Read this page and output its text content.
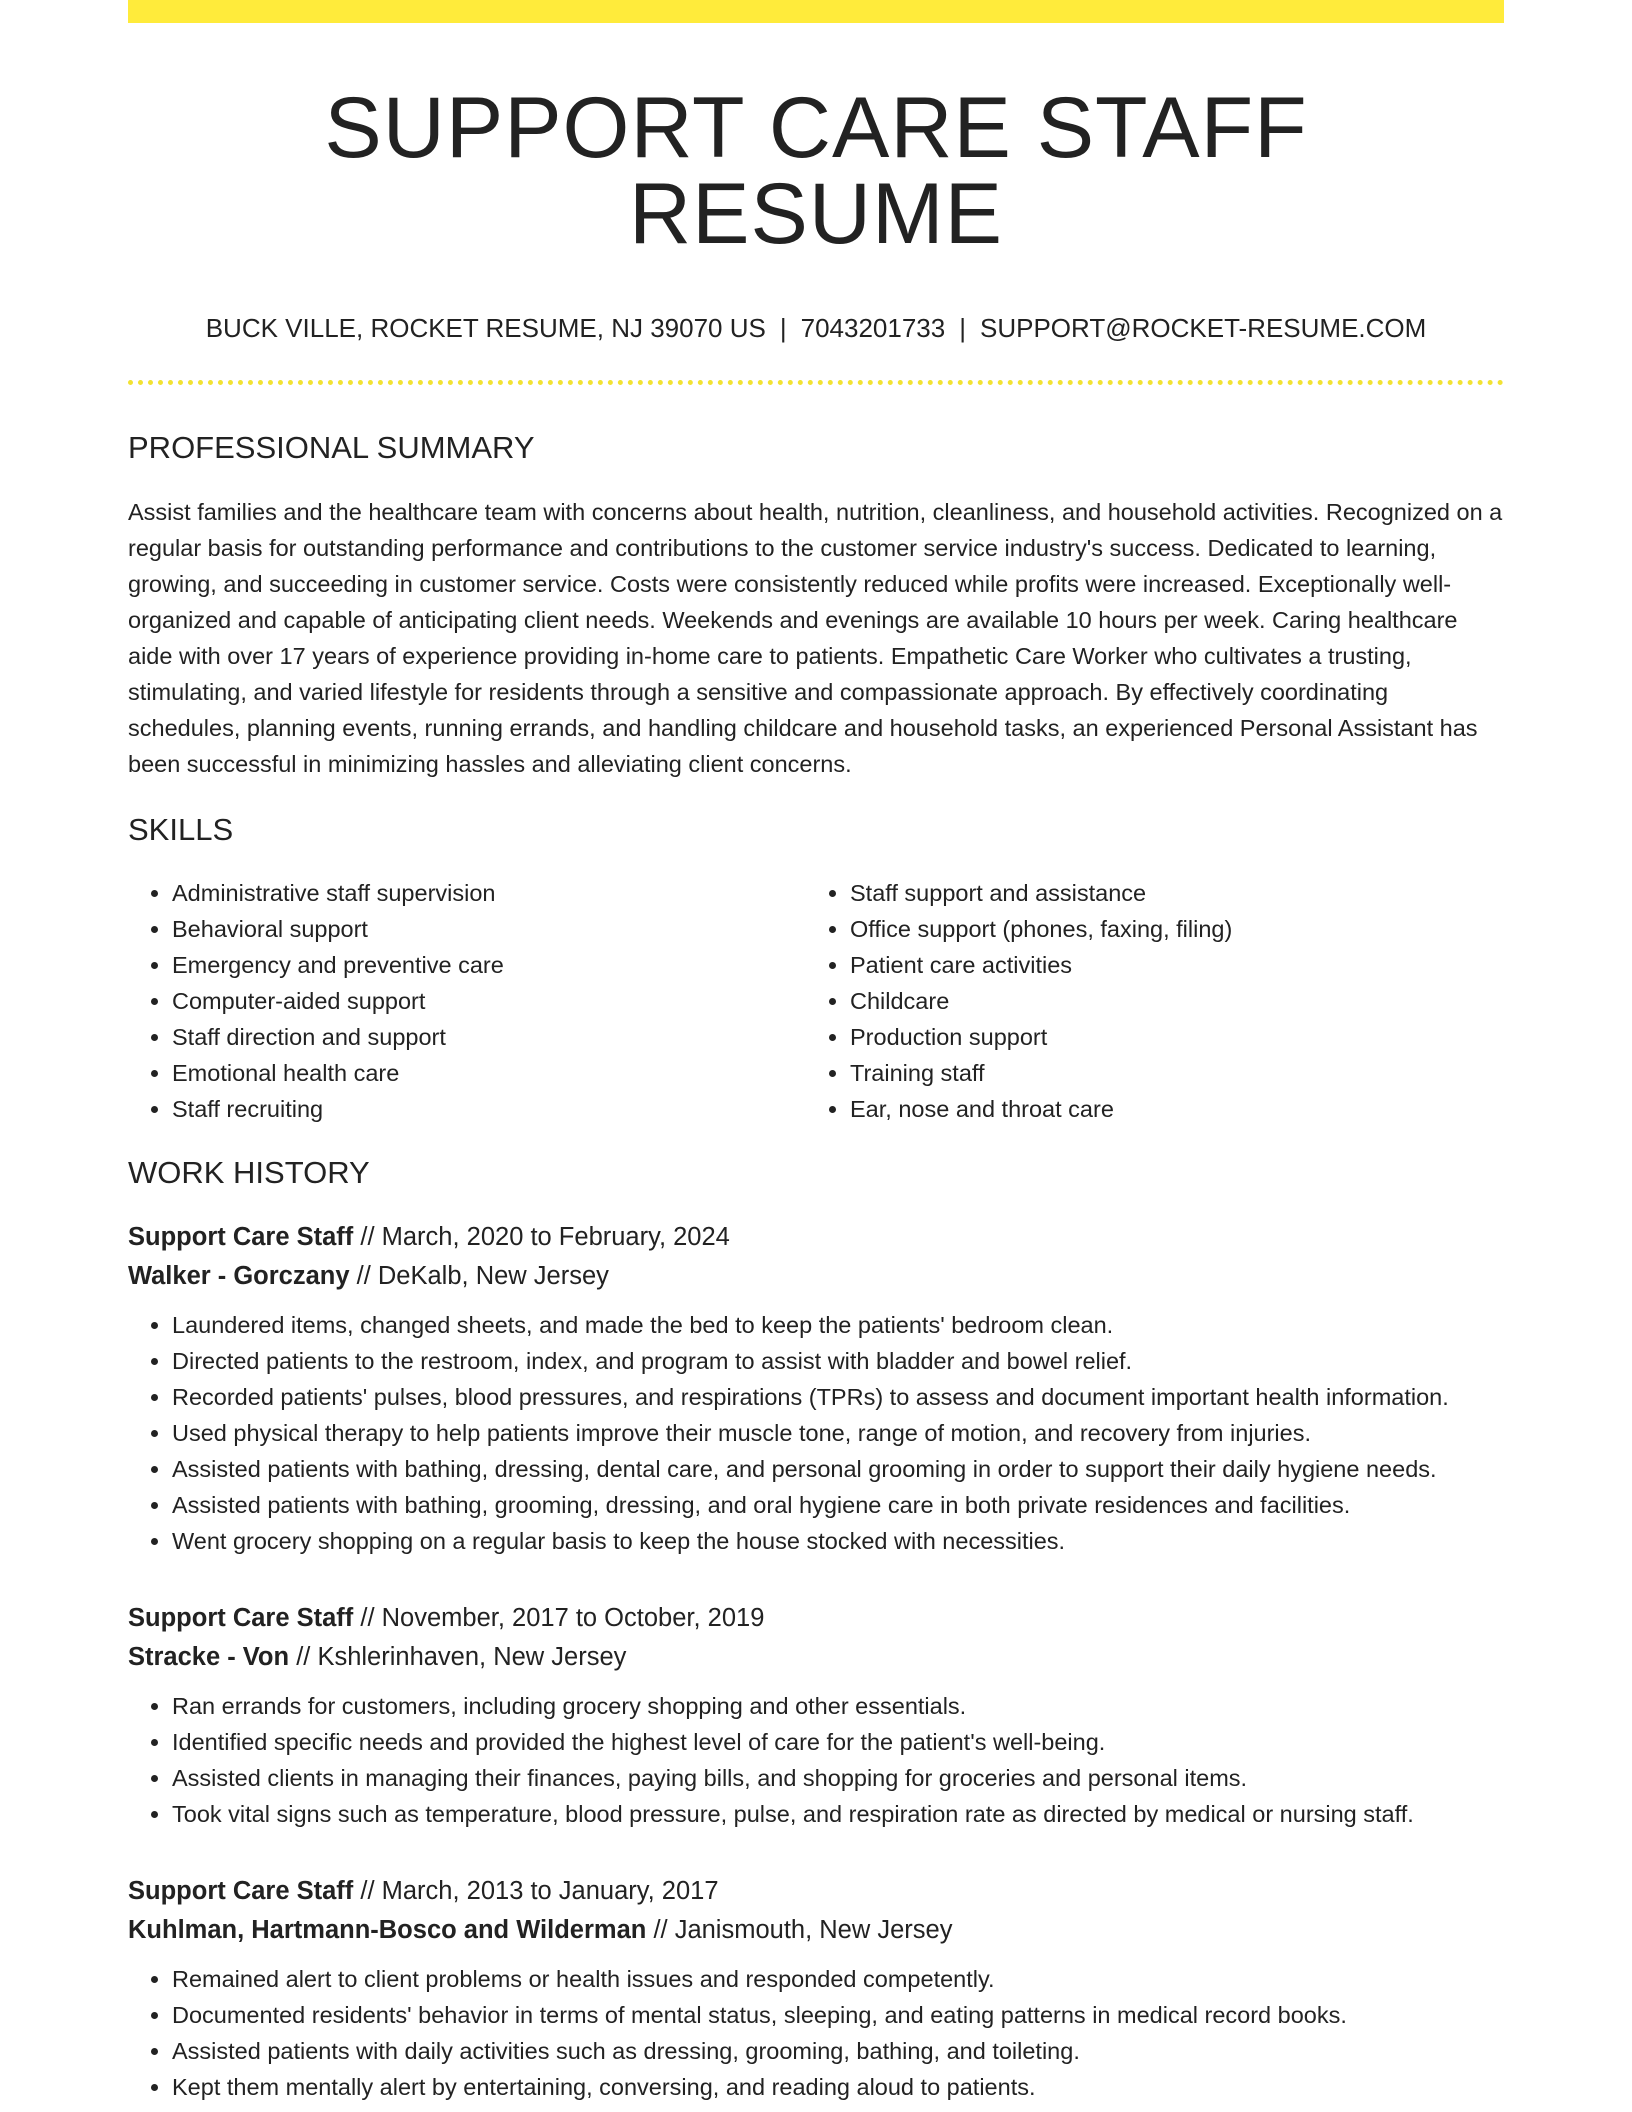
SUPPORT CARE STAFF RESUME
BUCK VILLE, ROCKET RESUME, NJ 39070 US | 7043201733 | SUPPORT@ROCKET-RESUME.COM
PROFESSIONAL SUMMARY

Assist families and the healthcare team with concerns about health, nutrition, cleanliness, and household activities. Recognized on a regular basis for outstanding performance and contributions to the customer service industry's success. Dedicated to learning, growing, and succeeding in customer service. Costs were consistently reduced while profits were increased. Exceptionally well-organized and capable of anticipating client needs. Weekends and evenings are available 10 hours per week. Caring healthcare aide with over 17 years of experience providing in-home care to patients. Empathetic Care Worker who cultivates a trusting, stimulating, and varied lifestyle for residents through a sensitive and compassionate approach. By effectively coordinating schedules, planning events, running errands, and handling childcare and household tasks, an experienced Personal Assistant has been successful in minimizing hassles and alleviating client concerns.

SKILLS
• Administrative staff supervision
• Behavioral support
• Emergency and preventive care
• Computer-aided support
• Staff direction and support
• Emotional health care
• Staff recruiting
• Staff support and assistance
• Office support (phones, faxing, filing)
• Patient care activities
• Childcare
• Production support
• Training staff
• Ear, nose and throat care
WORK HISTORY
Support Care Staff // March, 2020 to February, 2024
Walker - Gorczany // DeKalb, New Jersey
• Laundered items, changed sheets, and made the bed to keep the patients' bedroom clean.
• Directed patients to the restroom, index, and program to assist with bladder and bowel relief.
• Recorded patients' pulses, blood pressures, and respirations (TPRs) to assess and document important health information.
• Used physical therapy to help patients improve their muscle tone, range of motion, and recovery from injuries.
• Assisted patients with bathing, dressing, dental care, and personal grooming in order to support their daily hygiene needs.
• Assisted patients with bathing, grooming, dressing, and oral hygiene care in both private residences and facilities.
• Went grocery shopping on a regular basis to keep the house stocked with necessities.
Support Care Staff // November, 2017 to October, 2019
Stracke - Von // Kshlerinhaven, New Jersey
• Ran errands for customers, including grocery shopping and other essentials.
• Identified specific needs and provided the highest level of care for the patient's well-being.
• Assisted clients in managing their finances, paying bills, and shopping for groceries and personal items.
• Took vital signs such as temperature, blood pressure, pulse, and respiration rate as directed by medical or nursing staff.
Support Care Staff // March, 2013 to January, 2017
Kuhlman, Hartmann-Bosco and Wilderman // Janismouth, New Jersey
• Remained alert to client problems or health issues and responded competently.
• Documented residents' behavior in terms of mental status, sleeping, and eating patterns in medical record books.
• Assisted patients with daily activities such as dressing, grooming, bathing, and toileting.
• Kept them mentally alert by entertaining, conversing, and reading aloud to patients.
